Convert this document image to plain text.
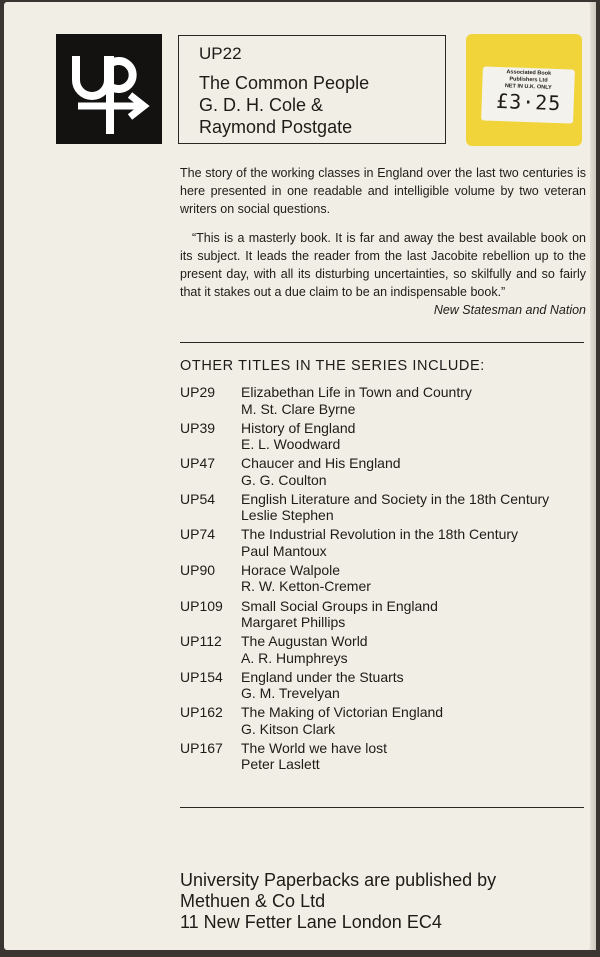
UP22
The Common People
G. D. H. Cole &
Raymond Postgate
Associated Book
Publishers Ltd
NET IN U.K. ONLY
£3·25

The story of the working classes in England over the last two centuries is here presented in one readable and intelligible volume by two veteran writers on social questions.

“This is a masterly book. It is far and away the best available book on its subject. It leads the reader from the last Jacobite rebellion up to the present day, with all its disturbing uncertainties, so skilfully and so fairly that it stakes out a due claim to be an indispensable book.”
New Statesman and Nation
OTHER TITLES IN THE SERIES INCLUDE:
UP29 Elizabethan Life in Town and Country
M. St. Clare Byrne
UP39 History of England
E. L. Woodward
UP47 Chaucer and His England
G. G. Coulton
UP54 English Literature and Society in the 18th Century
Leslie Stephen
UP74 The Industrial Revolution in the 18th Century
Paul Mantoux
UP90 Horace Walpole
R. W. Ketton-Cremer
UP109 Small Social Groups in England
Margaret Phillips
UP112 The Augustan World
A. R. Humphreys
UP154 England under the Stuarts
G. M. Trevelyan
UP162 The Making of Victorian England
G. Kitson Clark
UP167 The World we have lost
Peter Laslett
University Paperbacks are published by
Methuen & Co Ltd
11 New Fetter Lane London EC4
